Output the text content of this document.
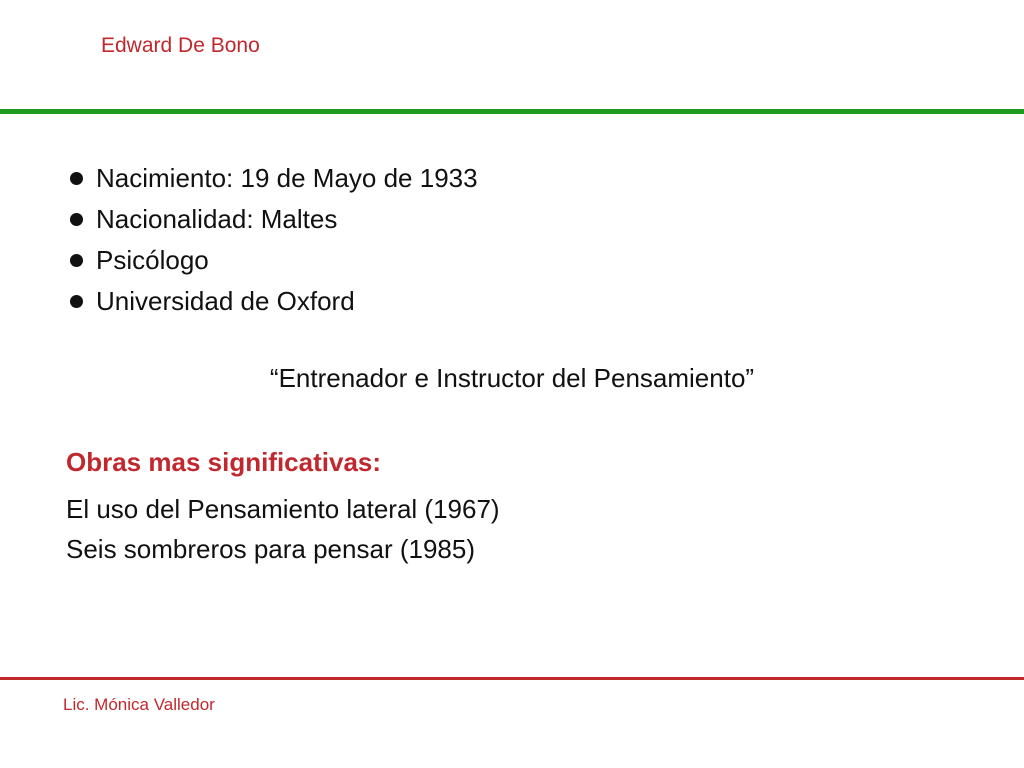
Edward De Bono
Nacimiento: 19 de Mayo de 1933
Nacionalidad: Maltes
Psicólogo
Universidad de Oxford
“Entrenador e Instructor del Pensamiento”
Obras mas significativas:
El uso del Pensamiento lateral (1967)
Seis sombreros para pensar (1985)
Lic. Mónica Valledor
